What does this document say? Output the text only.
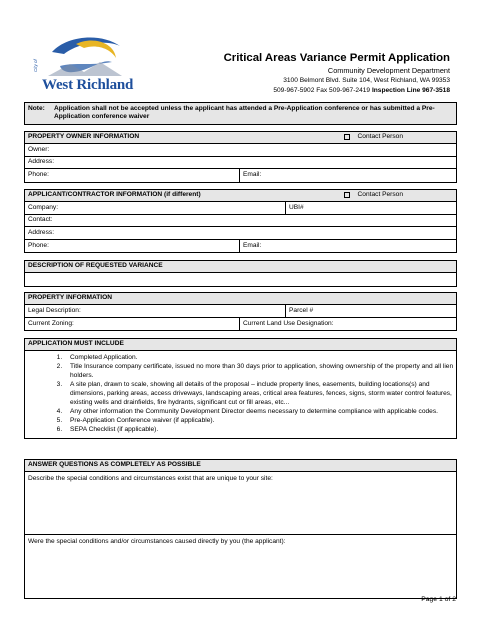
City of
West Richland
Critical Areas Variance Permit Application
Community Development Department
3100 Belmont Blvd. Suite 104, West Richland, WA 99353
509-967-5902 Fax 509-967-2419 Inspection Line 967-3518
Note:	Application shall not be accepted unless the applicant has attended a Pre-Application conference or has submitted a Pre-Application conference waiver
PROPERTY OWNER INFORMATION	Contact Person
Owner:
Address:
Phone:	Email:
APPLICANT/CONTRACTOR INFORMATION (if different)	Contact Person
Company:	UBI#
Contact:
Address:
Phone:	Email:
DESCRIPTION OF REQUESTED VARIANCE
PROPERTY INFORMATION
Legal Description:	Parcel #
Current Zoning:	Current Land Use Designation:
APPLICATION MUST INCLUDE
1. Completed Application.
2. Title Insurance company certificate, issued no more than 30 days prior to application, showing ownership of the property and all lien holders.
3. A site plan, drawn to scale, showing all details of the proposal – include property lines, easements, building locations(s) and dimensions, parking areas, access driveways, landscaping areas, critical area features, fences, signs, storm water control features, existing wells and drainfields, fire hydrants, significant cut or fill areas, etc...
4. Any other information the Community Development Director deems necessary to determine compliance with applicable codes.
5. Pre-Application Conference waiver (if applicable).
6. SEPA Checklist (if applicable).
ANSWER QUESTIONS AS COMPLETELY AS POSSIBLE
Describe the special conditions and circumstances exist that are unique to your site:
Were the special conditions and/or circumstances caused directly by you (the applicant):
Page 1 of 2
